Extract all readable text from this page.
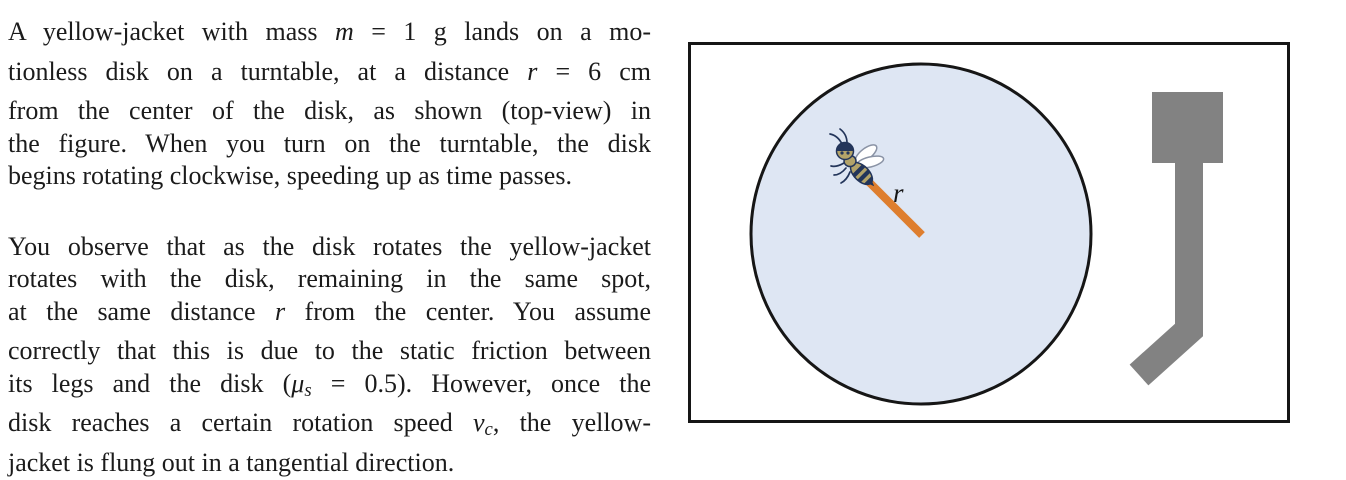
A yellow-jacket with mass m = 1 g lands on a mo-
tionless disk on a turntable, at a distance r = 6 cm
from the center of the disk, as shown (top-view) in
the figure. When you turn on the turntable, the disk
begins rotating clockwise, speeding up as time passes.
You observe that as the disk rotates the yellow-jacket
rotates with the disk, remaining in the same spot,
at the same distance r from the center. You assume
correctly that this is due to the static friction between
its legs and the disk (μs = 0.5). However, once the
disk reaches a certain rotation speed vc, the yellow-
jacket is flung out in a tangential direction.
r
